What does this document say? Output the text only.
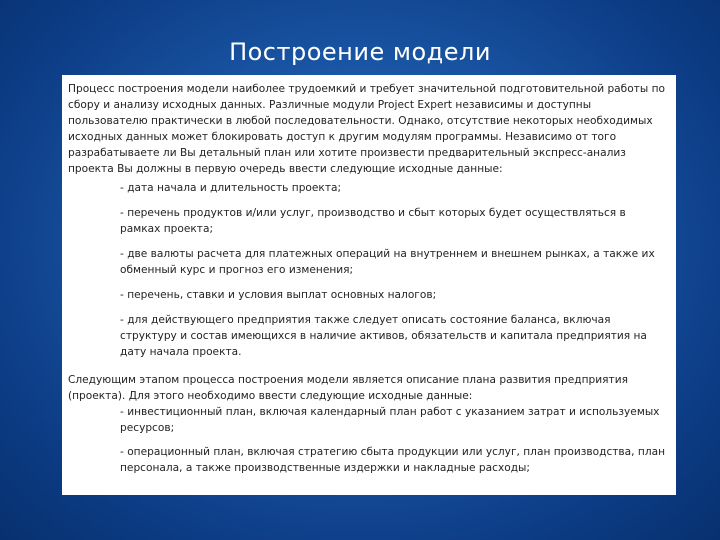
Построение модели

Процесс построения модели наиболее трудоемкий и требует значительной подготовительной работы по сбору и анализу исходных данных. Различные модули Project Expert независимы и доступны пользователю практически в любой последовательности. Однако, отсутствие некоторых необходимых исходных данных может блокировать доступ к другим модулям программы. Независимо от того разрабатываете ли Вы детальный план или хотите произвести предварительный экспресс-анализ проекта Вы должны в первую очередь ввести следующие исходные данные:

- дата начала и длительность проекта;
- перечень продуктов и/или услуг, производство и сбыт которых будет осуществляться в рамках проекта;
- две валюты расчета для платежных операций на внутреннем и внешнем рынках, а также их обменный курс и прогноз его изменения;
- перечень, ставки и условия выплат основных налогов;
- для действующего предприятия также следует описать состояние баланса, включая структуру и состав имеющихся в наличие активов, обязательств и капитала предприятия на дату начала проекта.

Следующим этапом процесса построения модели является описание плана развития предприятия (проекта). Для этого необходимо ввести следующие исходные данные:

- инвестиционный план, включая календарный план работ с указанием затрат и используемых ресурсов;
- операционный план, включая стратегию сбыта продукции или услуг, план производства, план персонала, а также производственные издержки и накладные расходы;
